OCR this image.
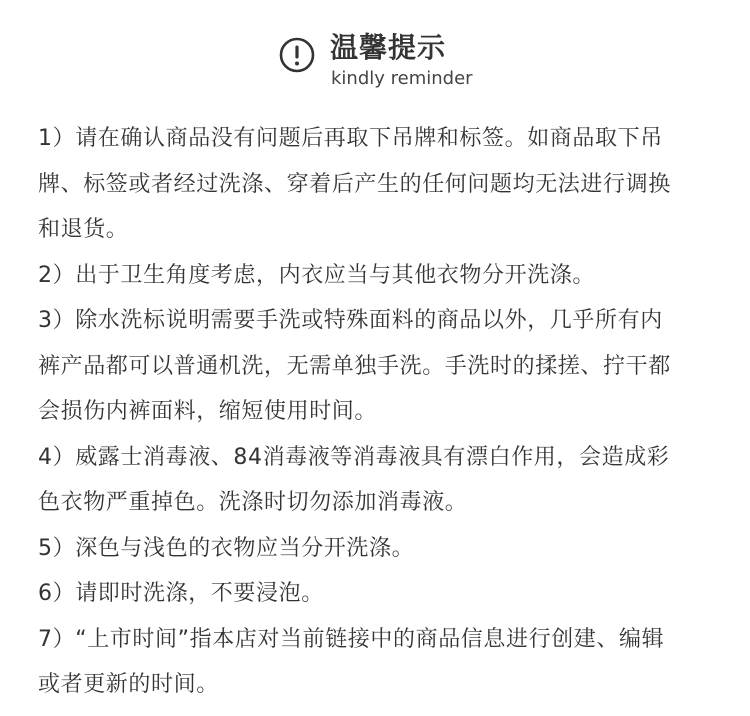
温馨提示
kindly reminder

1）请在确认商品没有问题后再取下吊牌和标签。如商品取下吊
牌、标签或者经过洗涤、穿着后产生的任何问题均无法进行调换
和退货。

2）出于卫生角度考虑，内衣应当与其他衣物分开洗涤。

3）除水洗标说明需要手洗或特殊面料的商品以外，几乎所有内
裤产品都可以普通机洗，无需单独手洗。手洗时的揉搓、拧干都
会损伤内裤面料，缩短使用时间。

4）威露士消毒液、84消毒液等消毒液具有漂白作用，会造成彩
色衣物严重掉色。洗涤时切勿添加消毒液。

5）深色与浅色的衣物应当分开洗涤。

6）请即时洗涤，不要浸泡。

7）“上市时间”指本店对当前链接中的商品信息进行创建、编辑
或者更新的时间。
